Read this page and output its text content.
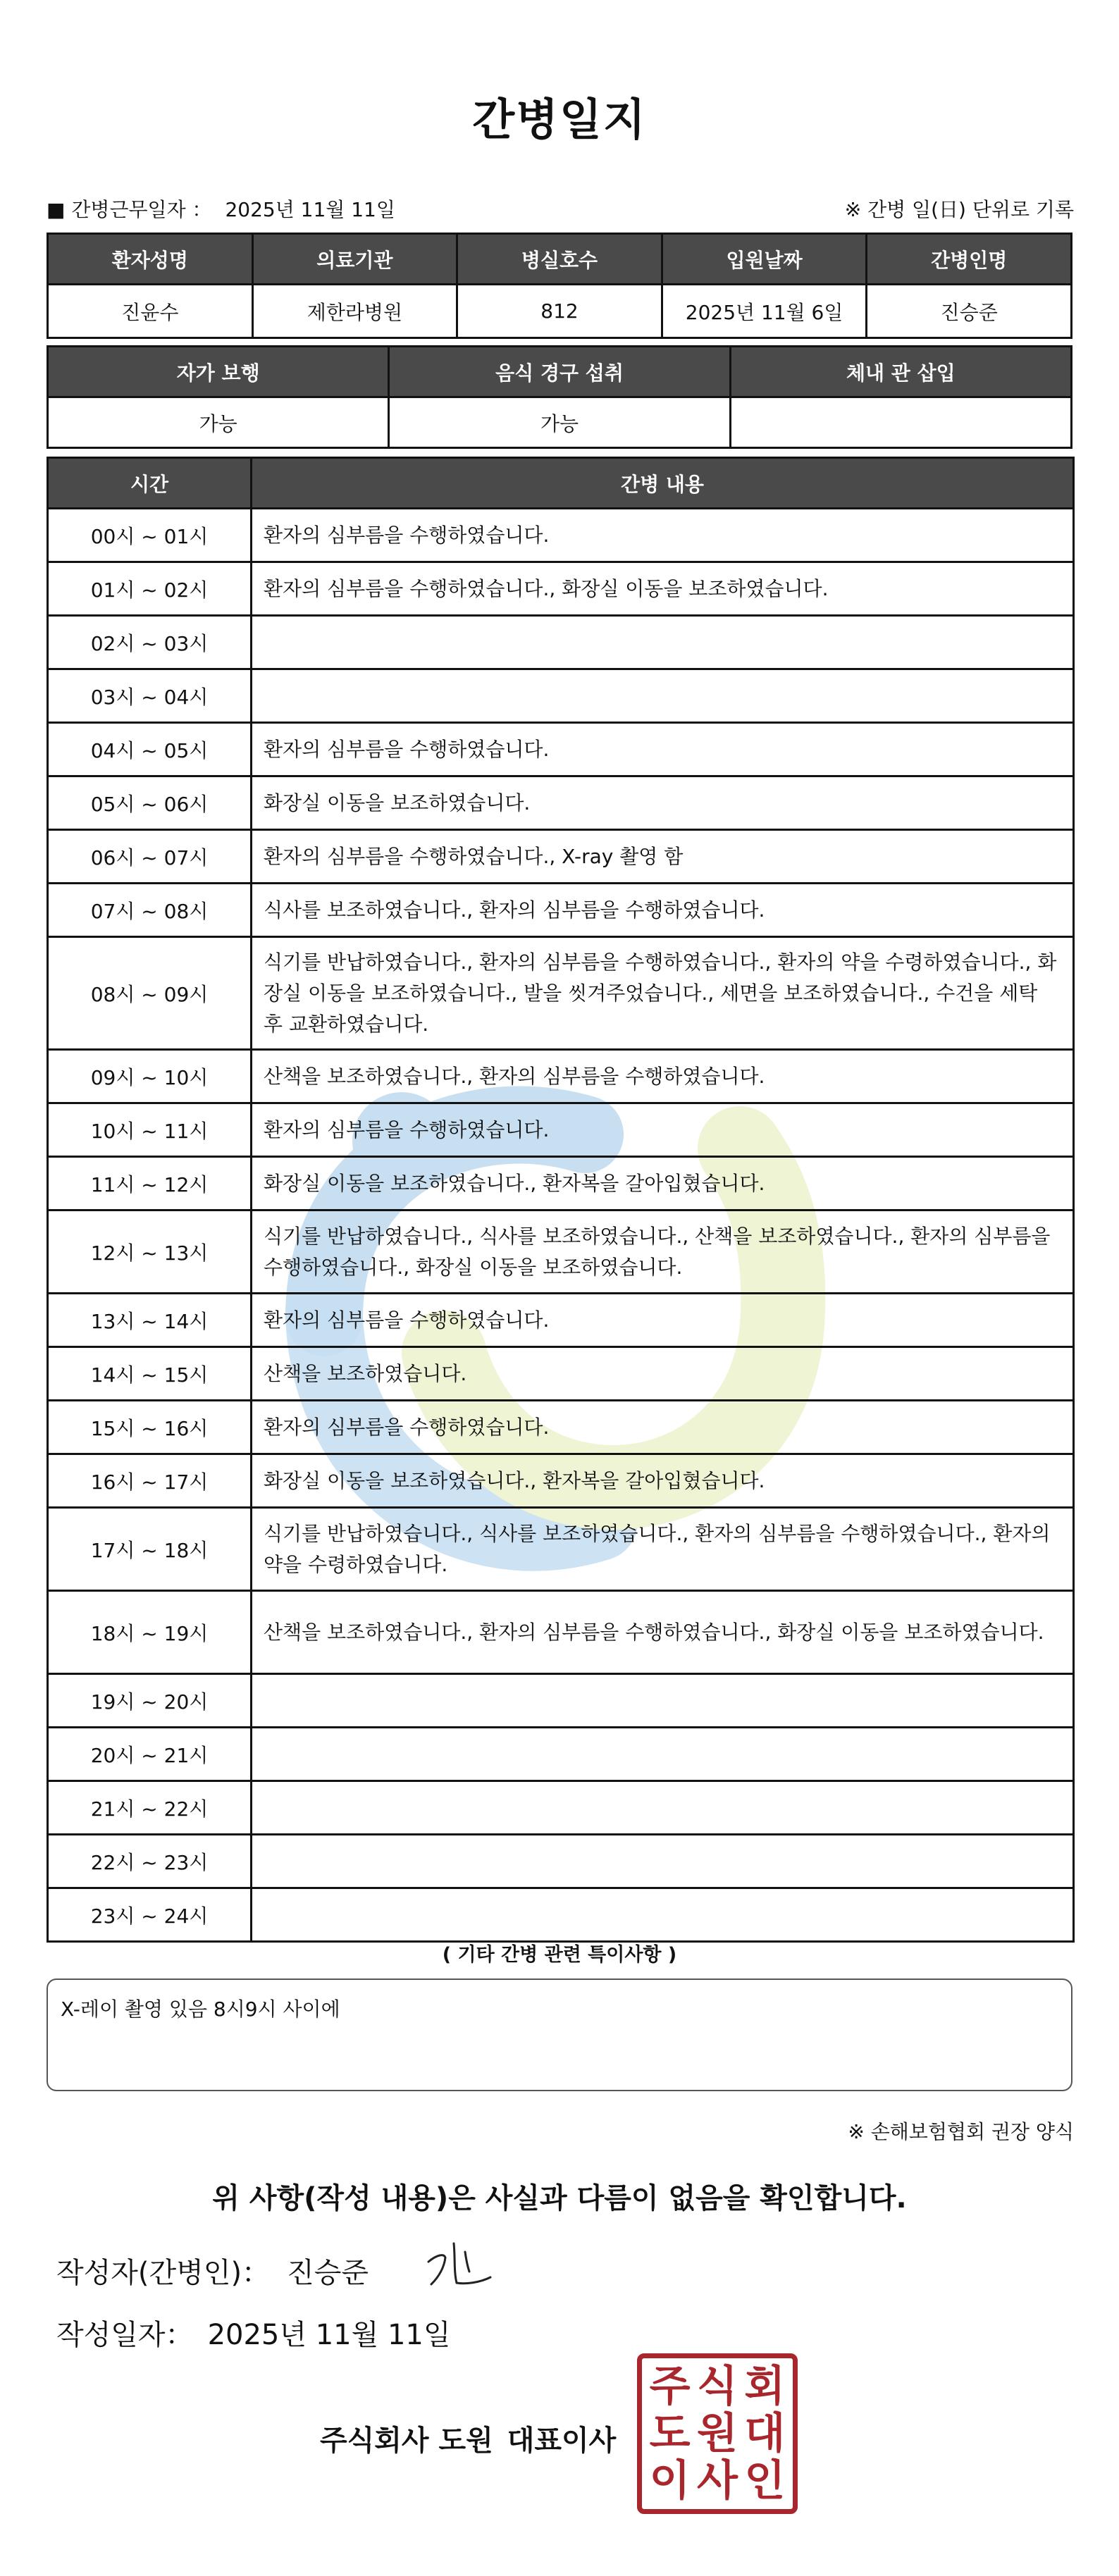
간병일지
■ 간병근무일자 ： 2025년 11월 11일	※ 간병 일(日) 단위로 기록
환자성명	의료기관	병실호수	입원날짜	간병인명
진윤수	제한라병원	812	2025년 11월 6일	진승준
자가 보행	음식 경구 섭취	체내 관 삽입
가능	가능	
시간	간병 내용
00시 ~ 01시	환자의 심부름을 수행하였습니다.
01시 ~ 02시	환자의 심부름을 수행하였습니다., 화장실 이동을 보조하였습니다.
02시 ~ 03시	
03시 ~ 04시	
04시 ~ 05시	환자의 심부름을 수행하였습니다.
05시 ~ 06시	화장실 이동을 보조하였습니다.
06시 ~ 07시	환자의 심부름을 수행하였습니다., X-ray 촬영 함
07시 ~ 08시	식사를 보조하였습니다., 환자의 심부름을 수행하였습니다.
08시 ~ 09시	식기를 반납하였습니다., 환자의 심부름을 수행하였습니다., 환자의 약을 수령하였습니다., 화장실 이동을 보조하였습니다., 발을 씻겨주었습니다., 세면을 보조하였습니다., 수건을 세탁 후 교환하였습니다.
09시 ~ 10시	산책을 보조하였습니다., 환자의 심부름을 수행하였습니다.
10시 ~ 11시	환자의 심부름을 수행하였습니다.
11시 ~ 12시	화장실 이동을 보조하였습니다., 환자복을 갈아입혔습니다.
12시 ~ 13시	식기를 반납하였습니다., 식사를 보조하였습니다., 산책을 보조하였습니다., 환자의 심부름을 수행하였습니다., 화장실 이동을 보조하였습니다.
13시 ~ 14시	환자의 심부름을 수행하였습니다.
14시 ~ 15시	산책을 보조하였습니다.
15시 ~ 16시	환자의 심부름을 수행하였습니다.
16시 ~ 17시	화장실 이동을 보조하였습니다., 환자복을 갈아입혔습니다.
17시 ~ 18시	식기를 반납하였습니다., 식사를 보조하였습니다., 환자의 심부름을 수행하였습니다., 환자의 약을 수령하였습니다.
18시 ~ 19시	산책을 보조하였습니다., 환자의 심부름을 수행하였습니다., 화장실 이동을 보조하였습니다.
19시 ~ 20시	
20시 ~ 21시	
21시 ~ 22시	
22시 ~ 23시	
23시 ~ 24시	
( 기타 간병 관련 특이사항 )
X-레이 촬영 있음 8시9시 사이에
※ 손해보험협회 권장 양식
위 사항(작성 내용)은 사실과 다름이 없음을 확인합니다.
작성자(간병인)： 진승준
작성일자： 2025년 11월 11일
주식회사 도원 대표이사
주 식 회
도 원 대
이 사 인
